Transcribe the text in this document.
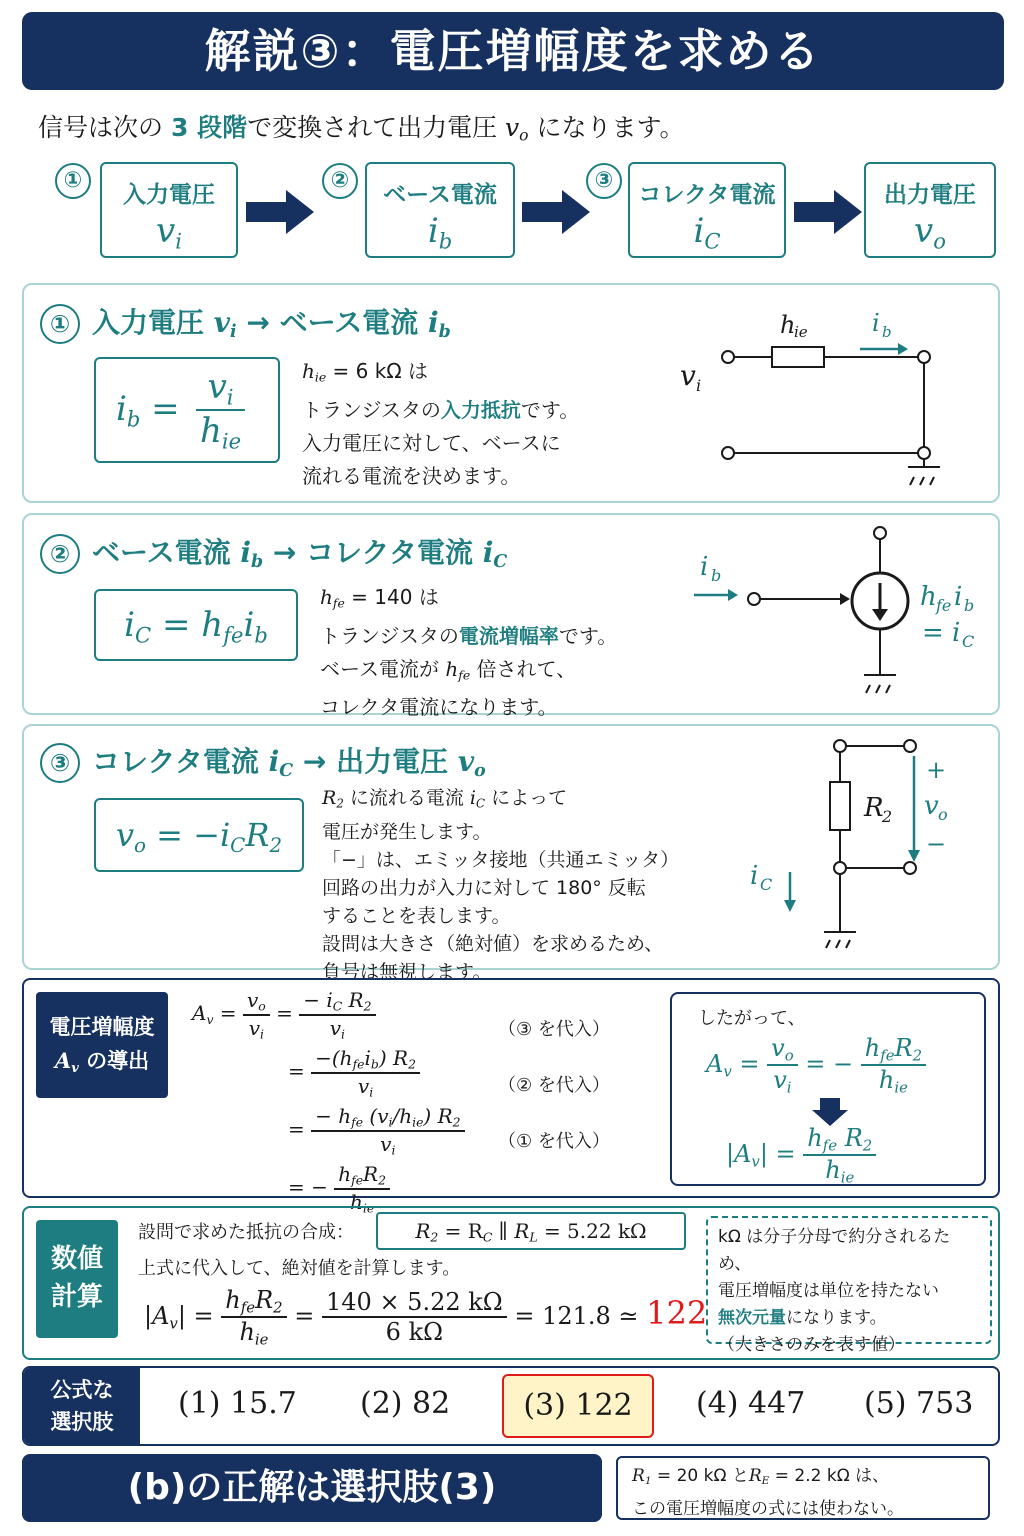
解説③：電圧増幅度を求める
信号は次の 3 段階で変換されて出力電圧 $v_o$ になります。
①
入力電圧
$v_i$
②
ベース電流
$i_b$
③
コレクタ電流
$i_C$
出力電圧
$v_o$
① 入力電圧 $v_i$ → ベース電流 $i_b$
$i_b$ =
$v_i$
$h_{ie}$
$h_{ie} = 6$ kΩ は
トランジスタの入力抵抗です。
入力電圧に対して、ベースに
流れる電流を決めます。
v i
h
ie	i b
② ベース電流 $i_b$ → コレクタ電流 $i_C$
$i_C = h_{fe}i_b$
$h_{fe} = 140$ は
トランジスタの電流増幅率です。
ベース電流が $h_{fe}$ 倍されて、
コレクタ電流になります。
i b
h fe i b
= i C
③ コレクタ電流 $i_C$ → 出力電圧 $v_o$
$v_o = -i_CR_2$
$R_2$ に流れる電流 $i_C$ によって
電圧が発生します。
「−」は、エミッタ接地（共通エミッタ）
回路の出力が入力に対して 180° 反転
することを表します。
設問は大きさ（絶対値）を求めるため、
負号は無視します。
R
2
+
v o
−
i C
電圧増幅度
$A_v$ の導出
$A_v = \frac{v_o}{v_i} = \frac{- i_C R_2}{v_i}$
= $\frac{-(h_{fe}i_b) R_2}{v_i}$
= $\frac{- h_{fe} (v_i/h_{ie}) R_2}{v_i}$
= − $\frac{h_{fe}R_2}{h_{ie}}$
（③ を代入）
（② を代入）
（① を代入）
したがって、
$A_v = \frac{v_o}{v_i}$ = − $\frac{h_{fe}R_2}{h_{ie}}$
$|A_v| = \frac{h_{fe} R_2}{h_{ie}}$
数値
計算
設問で求めた抵抗の合成：	$R_2 = R_C$ ∥ $R_L = 5.22$ kΩ
上式に代入して、絶対値を計算します。
$|A_v| = \frac{h_{fe}R_2}{h_{ie}} = \frac{140 \times 5.22 k\Omega}{6 k\Omega} = 121.8$ ≃ 122
kΩ は分子分母で約分されるため、
電圧増幅度は単位を持たない
無次元量になります。
（大きさのみを表す値）
公式な
選択肢
(1) 15.7 (2) 82	(3) 122	(4) 447 (5) 753
(b)の正解は選択肢(3)	$R_1 = 20$ kΩ と$R_E = 2.2$ kΩ は、
この電圧増幅度の式には使わない。
